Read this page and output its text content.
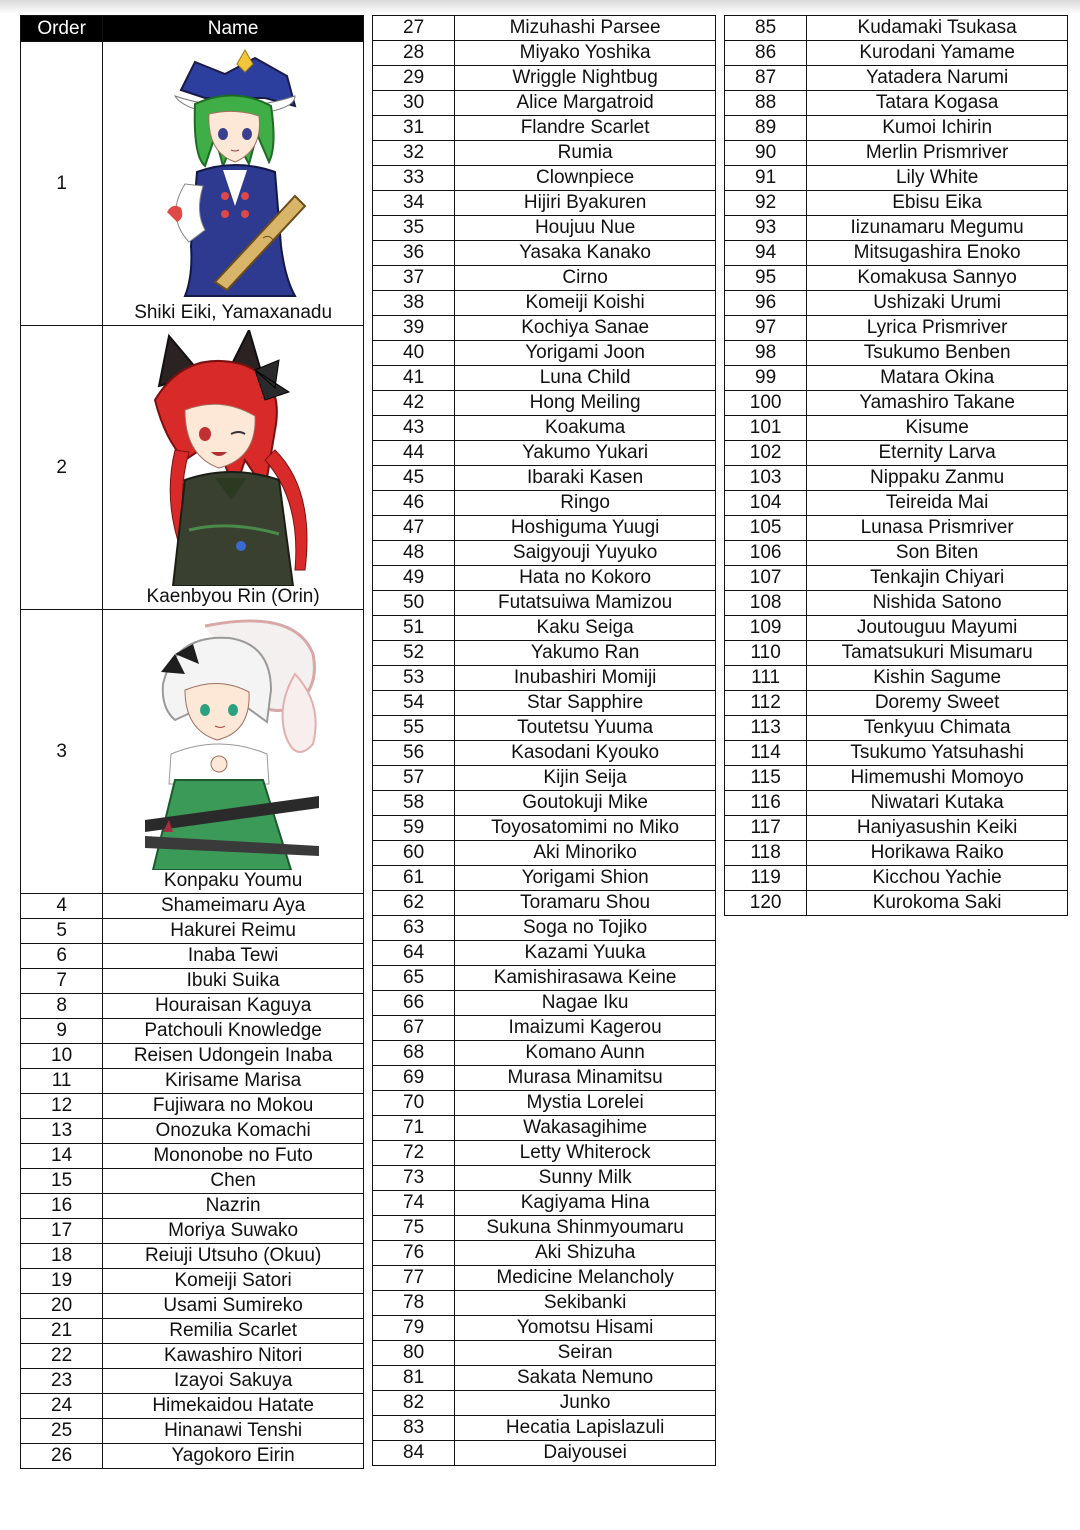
Order	Name
1	Shiki Eiki, Yamaxanadu

2	Kaenbyou Rin (Orin)

3	Konpaku Youmu

4	Shameimaru Aya
5	Hakurei Reimu
6	Inaba Tewi
7	Ibuki Suika
8	Houraisan Kaguya
9	Patchouli Knowledge
10	Reisen Udongein Inaba
11	Kirisame Marisa
12	Fujiwara no Mokou
13	Onozuka Komachi
14	Mononobe no Futo
15	Chen
16	Nazrin
17	Moriya Suwako
18	Reiuji Utsuho (Okuu)
19	Komeiji Satori
20	Usami Sumireko
21	Remilia Scarlet
22	Kawashiro Nitori
23	Izayoi Sakuya
24	Himekaidou Hatate
25	Hinanawi Tenshi
26	Yagokoro Eirin
27	Mizuhashi Parsee
28	Miyako Yoshika
29	Wriggle Nightbug
30	Alice Margatroid
31	Flandre Scarlet
32	Rumia
33	Clownpiece
34	Hijiri Byakuren
35	Houjuu Nue
36	Yasaka Kanako
37	Cirno
38	Komeiji Koishi
39	Kochiya Sanae
40	Yorigami Joon
41	Luna Child
42	Hong Meiling
43	Koakuma
44	Yakumo Yukari
45	Ibaraki Kasen
46	Ringo
47	Hoshiguma Yuugi
48	Saigyouji Yuyuko
49	Hata no Kokoro
50	Futatsuiwa Mamizou
51	Kaku Seiga
52	Yakumo Ran
53	Inubashiri Momiji
54	Star Sapphire
55	Toutetsu Yuuma
56	Kasodani Kyouko
57	Kijin Seija
58	Goutokuji Mike
59	Toyosatomimi no Miko
60	Aki Minoriko
61	Yorigami Shion
62	Toramaru Shou
63	Soga no Tojiko
64	Kazami Yuuka
65	Kamishirasawa Keine
66	Nagae Iku
67	Imaizumi Kagerou
68	Komano Aunn
69	Murasa Minamitsu
70	Mystia Lorelei
71	Wakasagihime
72	Letty Whiterock
73	Sunny Milk
74	Kagiyama Hina
75	Sukuna Shinmyoumaru
76	Aki Shizuha
77	Medicine Melancholy
78	Sekibanki
79	Yomotsu Hisami
80	Seiran
81	Sakata Nemuno
82	Junko
83	Hecatia Lapislazuli
84	Daiyousei
85	Kudamaki Tsukasa
86	Kurodani Yamame
87	Yatadera Narumi
88	Tatara Kogasa
89	Kumoi Ichirin
90	Merlin Prismriver
91	Lily White
92	Ebisu Eika
93	Iizunamaru Megumu
94	Mitsugashira Enoko
95	Komakusa Sannyo
96	Ushizaki Urumi
97	Lyrica Prismriver
98	Tsukumo Benben
99	Matara Okina
100	Yamashiro Takane
101	Kisume
102	Eternity Larva
103	Nippaku Zanmu
104	Teireida Mai
105	Lunasa Prismriver
106	Son Biten
107	Tenkajin Chiyari
108	Nishida Satono
109	Joutouguu Mayumi
110	Tamatsukuri Misumaru
111	Kishin Sagume
112	Doremy Sweet
113	Tenkyuu Chimata
114	Tsukumo Yatsuhashi
115	Himemushi Momoyo
116	Niwatari Kutaka
117	Haniyasushin Keiki
118	Horikawa Raiko
119	Kicchou Yachie
120	Kurokoma Saki
